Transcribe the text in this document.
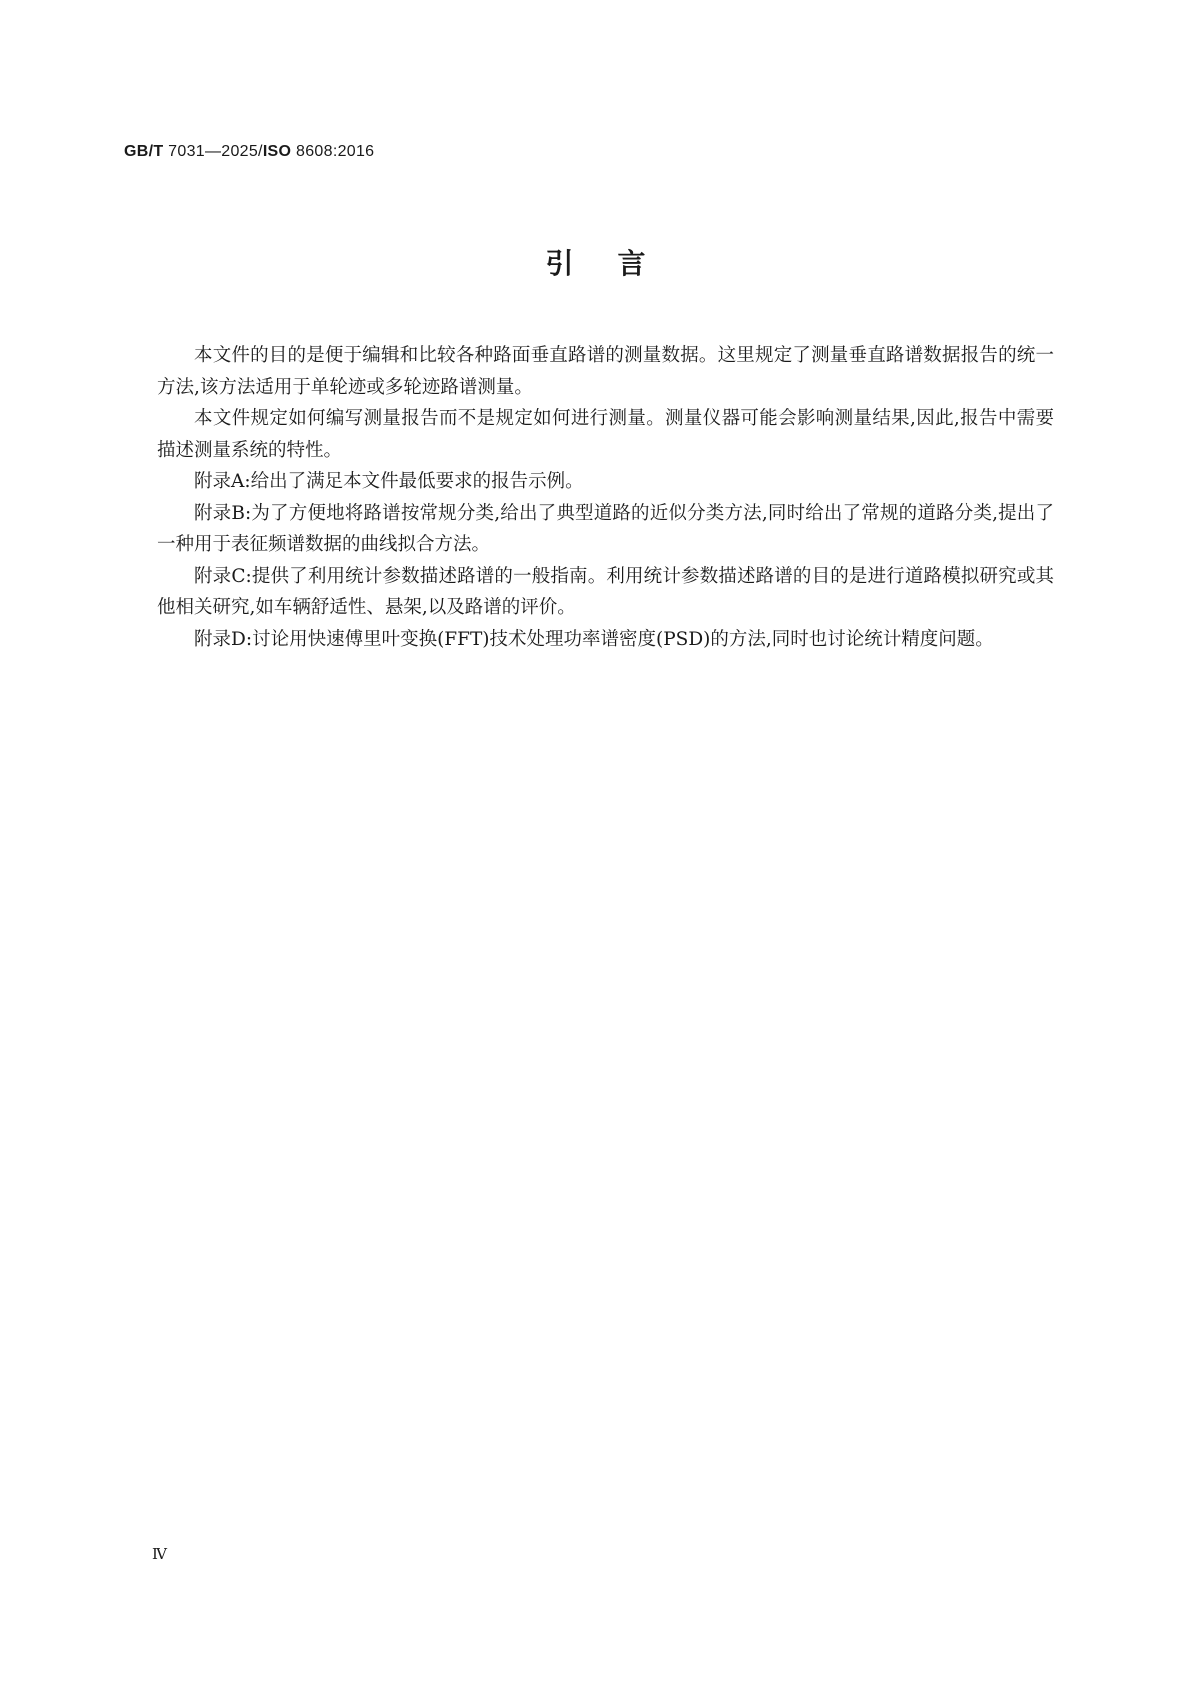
GB/T 7031—2025/ISO 8608:2016
引言

本文件的目的是便于编辑和比较各种路面垂直路谱的测量数据。这里规定了测量垂直路谱数据报告的统一方法,该方法适用于单轮迹或多轮迹路谱测量。

本文件规定如何编写测量报告而不是规定如何进行测量。测量仪器可能会影响测量结果,因此,报告中需要描述测量系统的特性。

附录A:给出了满足本文件最低要求的报告示例。

附录B:为了方便地将路谱按常规分类,给出了典型道路的近似分类方法,同时给出了常规的道路分类,提出了一种用于表征频谱数据的曲线拟合方法。

附录C:提供了利用统计参数描述路谱的一般指南。利用统计参数描述路谱的目的是进行道路模拟研究或其他相关研究,如车辆舒适性、悬架,以及路谱的评价。

附录D:讨论用快速傅里叶变换(FFT)技术处理功率谱密度(PSD)的方法,同时也讨论统计精度问题。

Ⅳ
